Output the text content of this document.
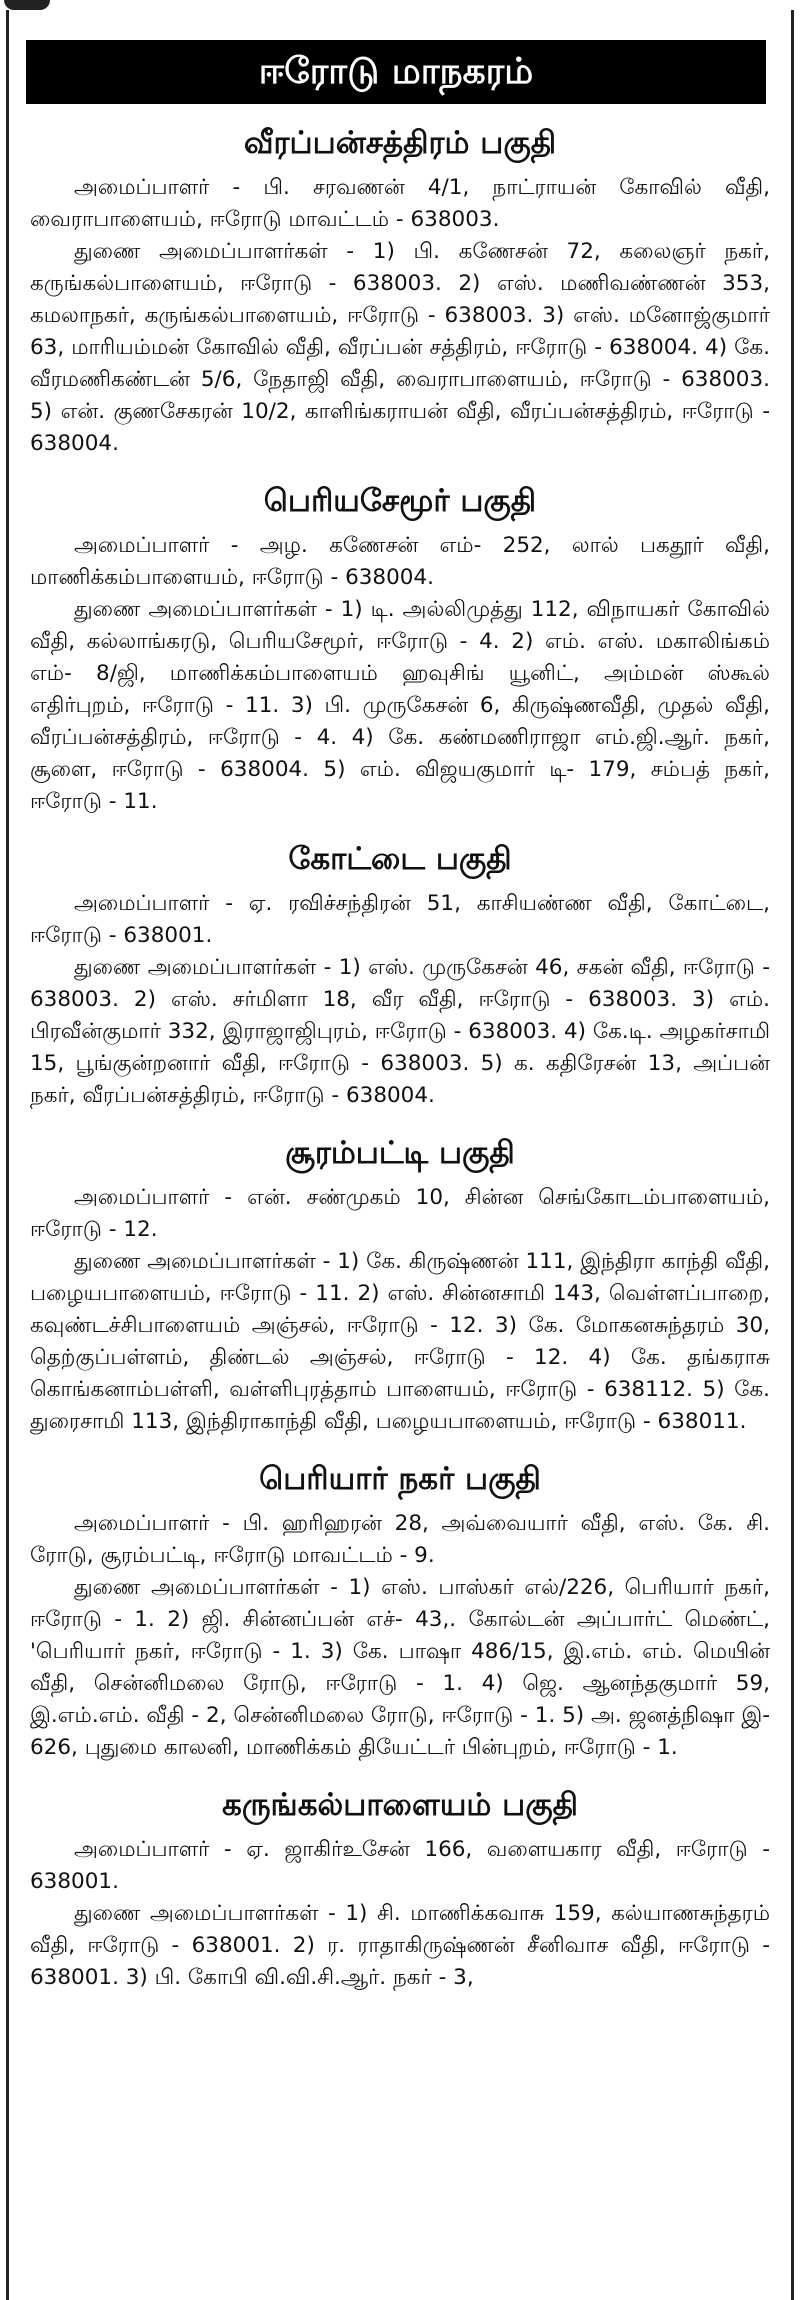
ஈரோடு மாநகரம்
வீரப்பன்சத்திரம் பகுதி

அமைப்பாளர் - பி. சரவணன் 4/1, நாட்ராயன் கோவில் வீதி, வைராபாளையம், ஈரோடு மாவட்டம் - 638003.

துணை அமைப்பாளர்கள் - 1) பி. கணேசன் 72, கலைஞர் நகர், கருங்கல்பாளையம், ஈரோடு - 638003. 2) எஸ். மணிவண்ணன் 353, கமலாநகர், கருங்கல்பாளையம், ஈரோடு - 638003. 3) எஸ். மனோஜ்குமார் 63, மாரியம்மன் கோவில் வீதி, வீரப்பன் சத்திரம், ஈரோடு - 638004. 4) கே. வீரமணிகண்டன் 5/6, நேதாஜி வீதி, வைராபாளையம், ஈரோடு - 638003. 5) என். குணசேகரன் 10/2, காளிங்கராயன் வீதி, வீரப்பன்சத்திரம், ஈரோடு - 638004.

பெரியசேமூர் பகுதி

அமைப்பாளர் - அழ. கணேசன் எம்- 252, லால் பகதூர் வீதி, மாணிக்கம்பாளையம், ஈரோடு - 638004.

துணை அமைப்பாளர்கள் - 1) டி. அல்லிமுத்து 112, விநாயகர் கோவில் வீதி, கல்லாங்கரடு, பெரியசேமூர், ஈரோடு - 4. 2) எம். எஸ். மகாலிங்கம் எம்- 8/ஜி, மாணிக்கம்பாளையம் ஹவுசிங் யூனிட், அம்மன் ஸ்கூல் எதிர்புறம், ஈரோடு - 11. 3) பி. முருகேசன் 6, கிருஷ்ணவீதி, முதல் வீதி, வீரப்பன்சத்திரம், ஈரோடு - 4. 4) கே. கண்மணிராஜா எம்.ஜி.ஆர். நகர், சூளை, ஈரோடு - 638004. 5) எம். விஜயகுமார் டி- 179, சம்பத் நகர், ஈரோடு - 11.

கோட்டை பகுதி

அமைப்பாளர் - ஏ. ரவிச்சந்திரன் 51, காசியண்ண வீதி, கோட்டை, ஈரோடு - 638001.

துணை அமைப்பாளர்கள் - 1) எஸ். முருகேசன் 46, சகன் வீதி, ஈரோடு - 638003. 2) எஸ். சர்மிளா 18, வீர வீதி, ஈரோடு - 638003. 3) எம். பிரவீன்குமார் 332, இராஜாஜிபுரம், ஈரோடு - 638003. 4) கே.டி. அழகர்சாமி 15, பூங்குன்றனார் வீதி, ஈரோடு - 638003. 5) க. கதிரேசன் 13, அப்பன் நகர், வீரப்பன்சத்திரம், ஈரோடு - 638004.

சூரம்பட்டி பகுதி

அமைப்பாளர் - என். சண்முகம் 10, சின்ன செங்கோடம்பாளையம், ஈரோடு - 12.

துணை அமைப்பாளர்கள் - 1) கே. கிருஷ்ணன் 111, இந்திரா காந்தி வீதி, பழையபாளையம், ஈரோடு - 11. 2) எஸ். சின்னசாமி 143, வெள்ளப்பாறை, கவுண்டச்சிபாளையம் அஞ்சல், ஈரோடு - 12. 3) கே. மோகனசுந்தரம் 30, தெற்குப்பள்ளம், திண்டல் அஞ்சல், ஈரோடு - 12. 4) கே. தங்கராசு கொங்கனாம்பள்ளி, வள்ளிபுரத்தாம் பாளையம், ஈரோடு - 638112. 5) கே. துரைசாமி 113, இந்திராகாந்தி வீதி, பழையபாளையம், ஈரோடு - 638011.

பெரியார் நகர் பகுதி

அமைப்பாளர் - பி. ஹரிஹரன் 28, அவ்வையார் வீதி, எஸ். கே. சி. ரோடு, சூரம்பட்டி, ஈரோடு மாவட்டம் - 9.

துணை அமைப்பாளர்கள் - 1) எஸ். பாஸ்கர் எல்/226, பெரியார் நகர், ஈரோடு - 1. 2) ஜி. சின்னப்பன் எச்- 43,. கோல்டன் அப்பார்ட் மெண்ட், 'பெரியார் நகர், ஈரோடு - 1. 3) கே. பாஷா 486/15, இ.எம். எம். மெயின் வீதி, சென்னிமலை ரோடு, ஈரோடு - 1. 4) ஜெ. ஆனந்தகுமார் 59, இ.எம்.எம். வீதி - 2, சென்னிமலை ரோடு, ஈரோடு - 1. 5) அ. ஜனத்நிஷா இ- 626, புதுமை காலனி, மாணிக்கம் தியேட்டர் பின்புறம், ஈரோடு - 1.

கருங்கல்பாளையம் பகுதி

அமைப்பாளர் - ஏ. ஜாகிர்உசேன் 166, வளையகார வீதி, ஈரோடு - 638001.

துணை அமைப்பாளர்கள் - 1) சி. மாணிக்கவாசு 159, கல்யாணசுந்தரம் வீதி, ஈரோடு - 638001. 2) ர. ராதாகிருஷ்ணன் சீனிவாச வீதி, ஈரோடு - 638001. 3) பி. கோபி வி.வி.சி.ஆர். நகர் - 3,
